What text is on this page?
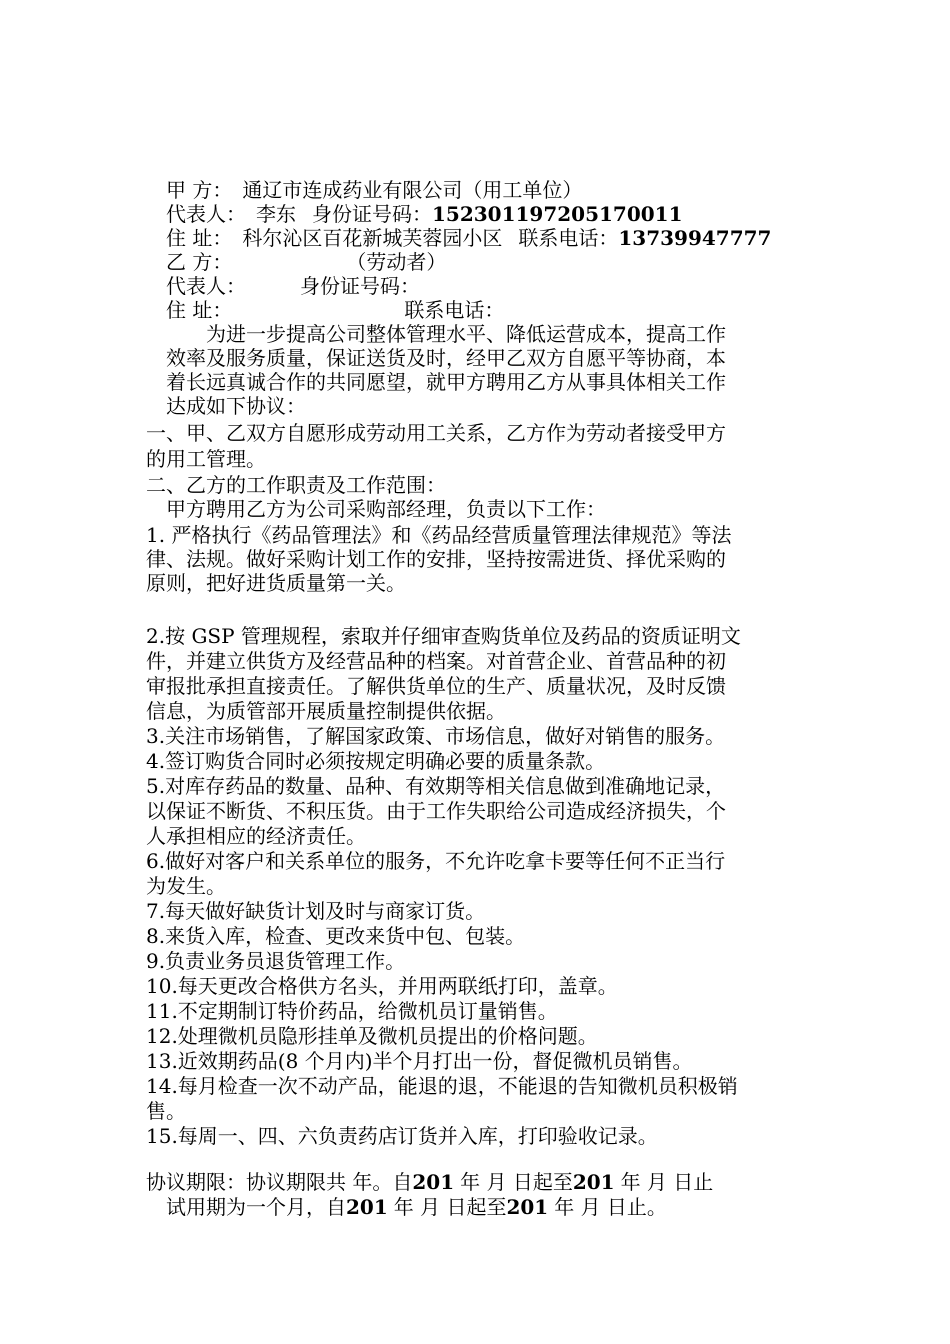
甲 方： 通辽市连成药业有限公司（用工单位）
代表人： 李东 身份证号码：152301197205170011
住 址： 科尔沁区百花新城芙蓉园小区 联系电话：13739947777
乙 方：	（劳动者）
代表人：	身份证号码：
住 址：	联系电话：
为进一步提高公司整体管理水平、降低运营成本，提高工作
效率及服务质量，保证送货及时，经甲乙双方自愿平等协商，本
着长远真诚合作的共同愿望，就甲方聘用乙方从事具体相关工作
达成如下协议：
一、甲、乙双方自愿形成劳动用工关系，乙方作为劳动者接受甲方
的用工管理。
二、乙方的工作职责及工作范围：
甲方聘用乙方为公司采购部经理，负责以下工作：
1. 严格执行《药品管理法》和《药品经营质量管理法律规范》等法
律、法规。做好采购计划工作的安排，坚持按需进货、择优采购的
原则，把好进货质量第一关。
2.按 GSP 管理规程，索取并仔细审查购货单位及药品的资质证明文
件，并建立供货方及经营品种的档案。对首营企业、首营品种的初
审报批承担直接责任。了解供货单位的生产、质量状况，及时反馈
信息，为质管部开展质量控制提供依据。
3.关注市场销售，了解国家政策、市场信息，做好对销售的服务。
4.签订购货合同时必须按规定明确必要的质量条款。
5.对库存药品的数量、品种、有效期等相关信息做到准确地记录，
以保证不断货、不积压货。由于工作失职给公司造成经济损失，个
人承担相应的经济责任。
6.做好对客户和关系单位的服务，不允许吃拿卡要等任何不正当行
为发生。
7.每天做好缺货计划及时与商家订货。
8.来货入库，检查、更改来货中包、包装。
9.负责业务员退货管理工作。
10.每天更改合格供方名头，并用两联纸打印，盖章。
11.不定期制订特价药品，给微机员订量销售。
12.处理微机员隐形挂单及微机员提出的价格问题。
13.近效期药品(8 个月内)半个月打出一份，督促微机员销售。
14.每月检查一次不动产品，能退的退，不能退的告知微机员积极销
售。
15.每周一、四、六负责药店订货并入库，打印验收记录。
协议期限：协议期限共 年。自201 年 月 日起至201 年 月 日止
试用期为一个月，自201 年 月 日起至201 年 月 日止。
